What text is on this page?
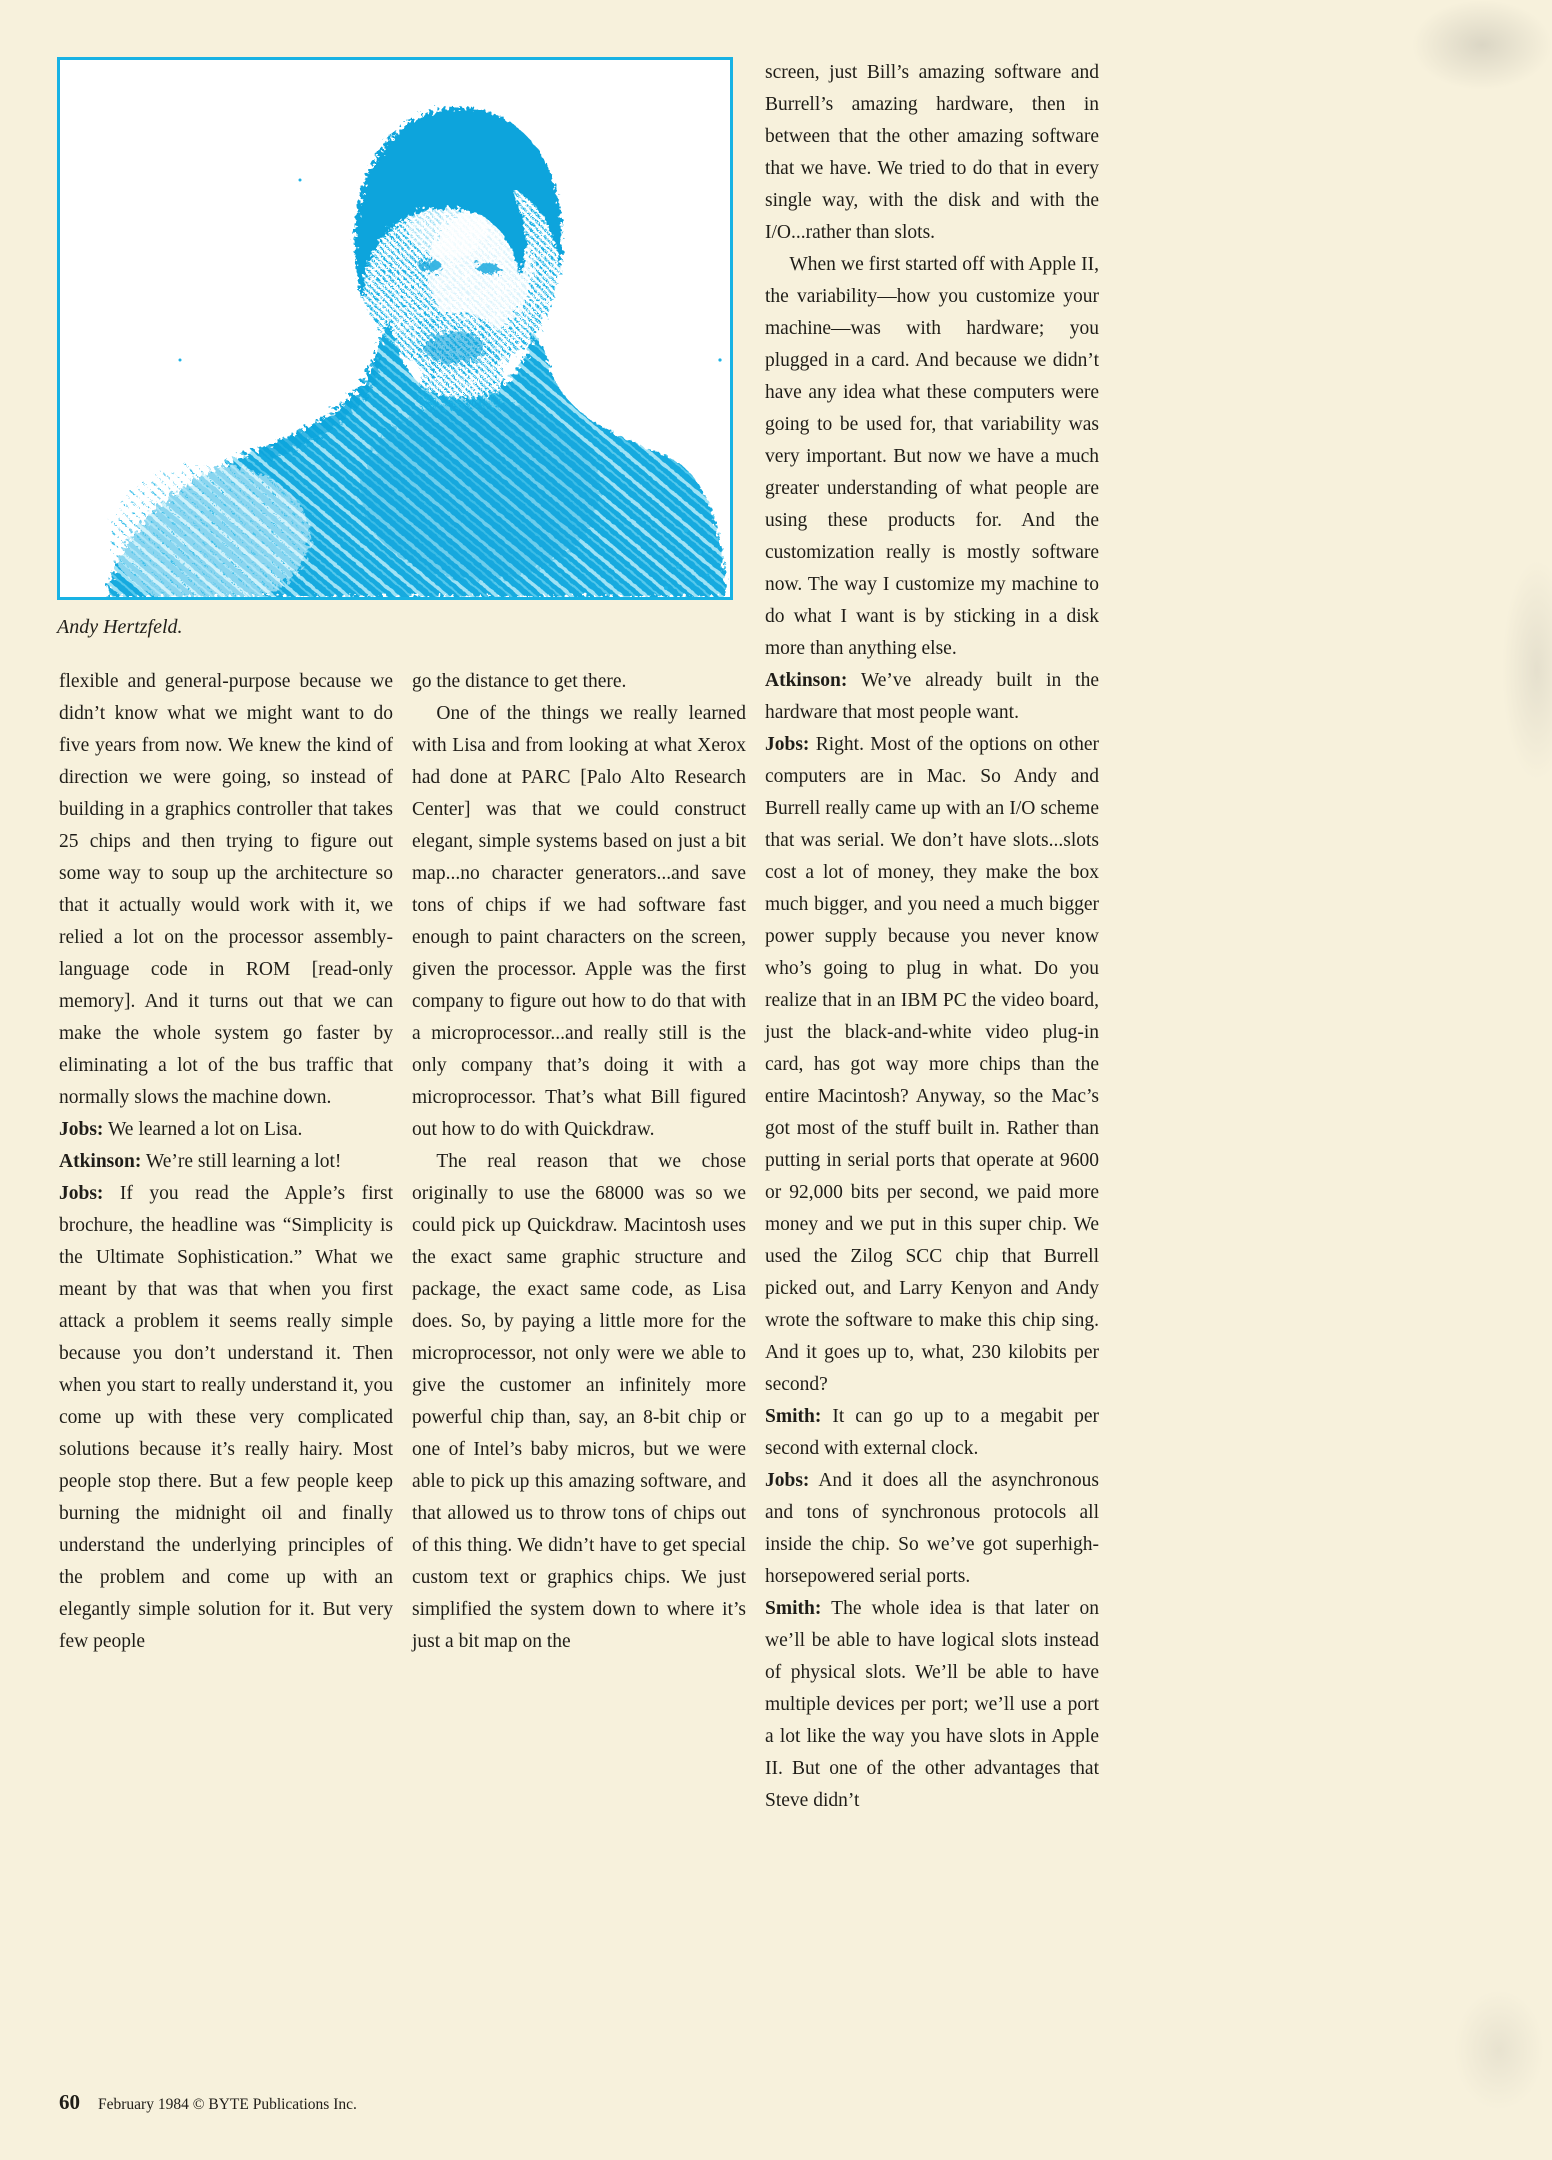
Andy Hertzfeld.

flexible and general-purpose because we didn’t know what we might want to do five years from now. We knew the kind of direction we were going, so instead of building in a graphics controller that takes 25 chips and then trying to figure out some way to soup up the architecture so that it actually would work with it, we relied a lot on the processor assembly-language code in ROM [read-only memory]. And it turns out that we can make the whole system go faster by eliminating a lot of the bus traffic that normally slows the machine down.

Jobs: We learned a lot on Lisa.

Atkinson: We’re still learning a lot!

Jobs: If you read the Apple’s first brochure, the headline was “Simplicity is the Ultimate Sophistication.” What we meant by that was that when you first attack a problem it seems really simple because you don’t understand it. Then when you start to really understand it, you come up with these very complicated solutions because it’s really hairy. Most people stop there. But a few people keep burning the midnight oil and finally understand the underlying principles of the problem and come up with an elegantly simple solution for it. But very few people

go the distance to get there.

One of the things we really learned with Lisa and from looking at what Xerox had done at PARC [Palo Alto Research Center] was that we could construct elegant, simple systems based on just a bit map...no character generators...and save tons of chips if we had software fast enough to paint characters on the screen, given the processor. Apple was the first company to figure out how to do that with a microprocessor...and really still is the only company that’s doing it with a microprocessor. That’s what Bill figured out how to do with Quickdraw.

The real reason that we chose originally to use the 68000 was so we could pick up Quickdraw. Macintosh uses the exact same graphic structure and package, the exact same code, as Lisa does. So, by paying a little more for the microprocessor, not only were we able to give the customer an infinitely more powerful chip than, say, an 8-bit chip or one of Intel’s baby micros, but we were able to pick up this amazing software, and that allowed us to throw tons of chips out of this thing. We didn’t have to get special custom text or graphics chips. We just simplified the system down to where it’s just a bit map on the

screen, just Bill’s amazing software and Burrell’s amazing hardware, then in between that the other amazing software that we have. We tried to do that in every single way, with the disk and with the I/O...rather than slots.

When we first started off with Apple II, the variability—how you customize your machine—was with hardware; you plugged in a card. And because we didn’t have any idea what these computers were going to be used for, that variability was very important. But now we have a much greater understanding of what people are using these products for. And the customization really is mostly software now. The way I customize my machine to do what I want is by sticking in a disk more than anything else.

Atkinson: We’ve already built in the hardware that most people want.

Jobs: Right. Most of the options on other computers are in Mac. So Andy and Burrell really came up with an I/O scheme that was serial. We don’t have slots...slots cost a lot of money, they make the box much bigger, and you need a much bigger power supply because you never know who’s going to plug in what. Do you realize that in an IBM PC the video board, just the black-and-white video plug-in card, has got way more chips than the entire Macintosh? Anyway, so the Mac’s got most of the stuff built in. Rather than putting in serial ports that operate at 9600 or 92,000 bits per second, we paid more money and we put in this super chip. We used the Zilog SCC chip that Burrell picked out, and Larry Kenyon and Andy wrote the software to make this chip sing. And it goes up to, what, 230 kilobits per second?

Smith: It can go up to a megabit per second with external clock.

Jobs: And it does all the asynchronous and tons of synchronous protocols all inside the chip. So we’ve got superhigh-horsepowered serial ports.

Smith: The whole idea is that later on we’ll be able to have logical slots instead of physical slots. We’ll be able to have multiple devices per port; we’ll use a port a lot like the way you have slots in Apple II. But one of the other advantages that Steve didn’t

60 February 1984 © BYTE Publications Inc.
